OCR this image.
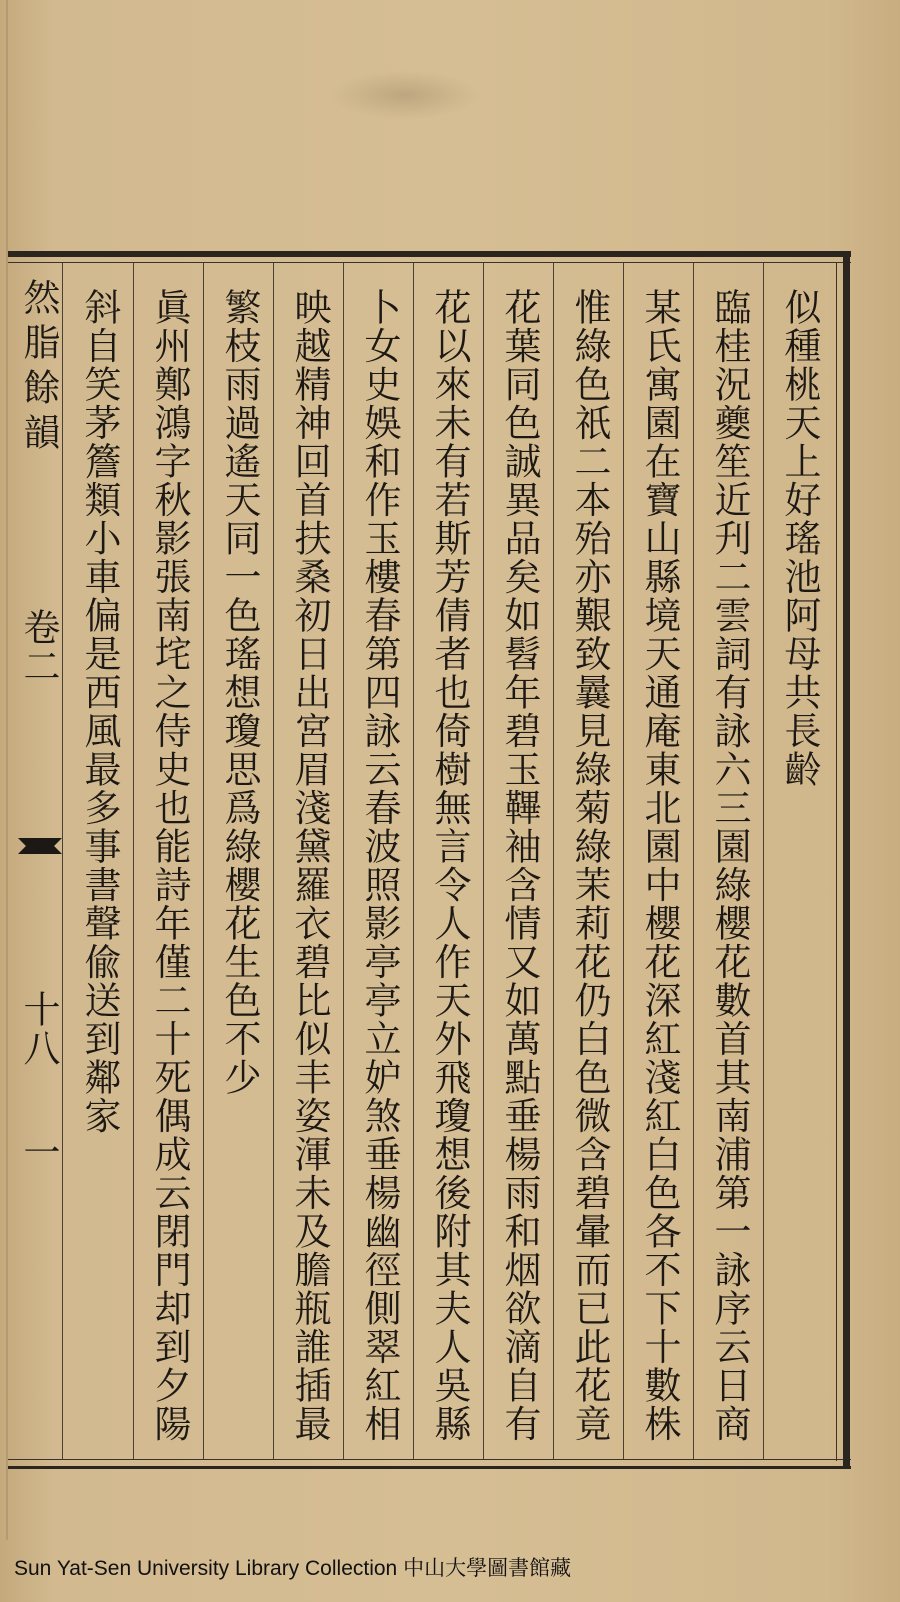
然脂餘韻
卷二
十八
一
似種桃天上好瑤池阿母共長齡
臨桂況夔笙近刋二雲詞有詠六三園綠櫻花數首其南浦第一詠序云日商
某氏寓園在寶山縣境天通庵東北園中櫻花深紅淺紅白色各不下十數株
惟綠色祇二本殆亦艱致曩見綠菊綠茉莉花仍白色微含碧暈而已此花竟
花葉同色誠異品矣如髫年碧玉鞸袖含情又如萬點垂楊雨和烟欲滴自有
花以來未有若斯芳倩者也倚樹無言令人作天外飛瓊想後附其夫人吳縣
卜女史娛和作玉樓春第四詠云春波照影亭亭立妒煞垂楊幽徑側翠紅相
映越精神回首扶桑初日出宮眉淺黛羅衣碧比似丰姿渾未及膽瓶誰插最
繁枝雨過遙天同一色瑤想瓊思爲綠櫻花生色不少
眞州鄭鴻字秋影張南垞之侍史也能詩年僅二十死偶成云閉門却到夕陽
斜自笑茅簷類小車偏是西風最多事書聲偸送到鄰家
Sun Yat-Sen University Library Collection 中山大學圖書館藏
